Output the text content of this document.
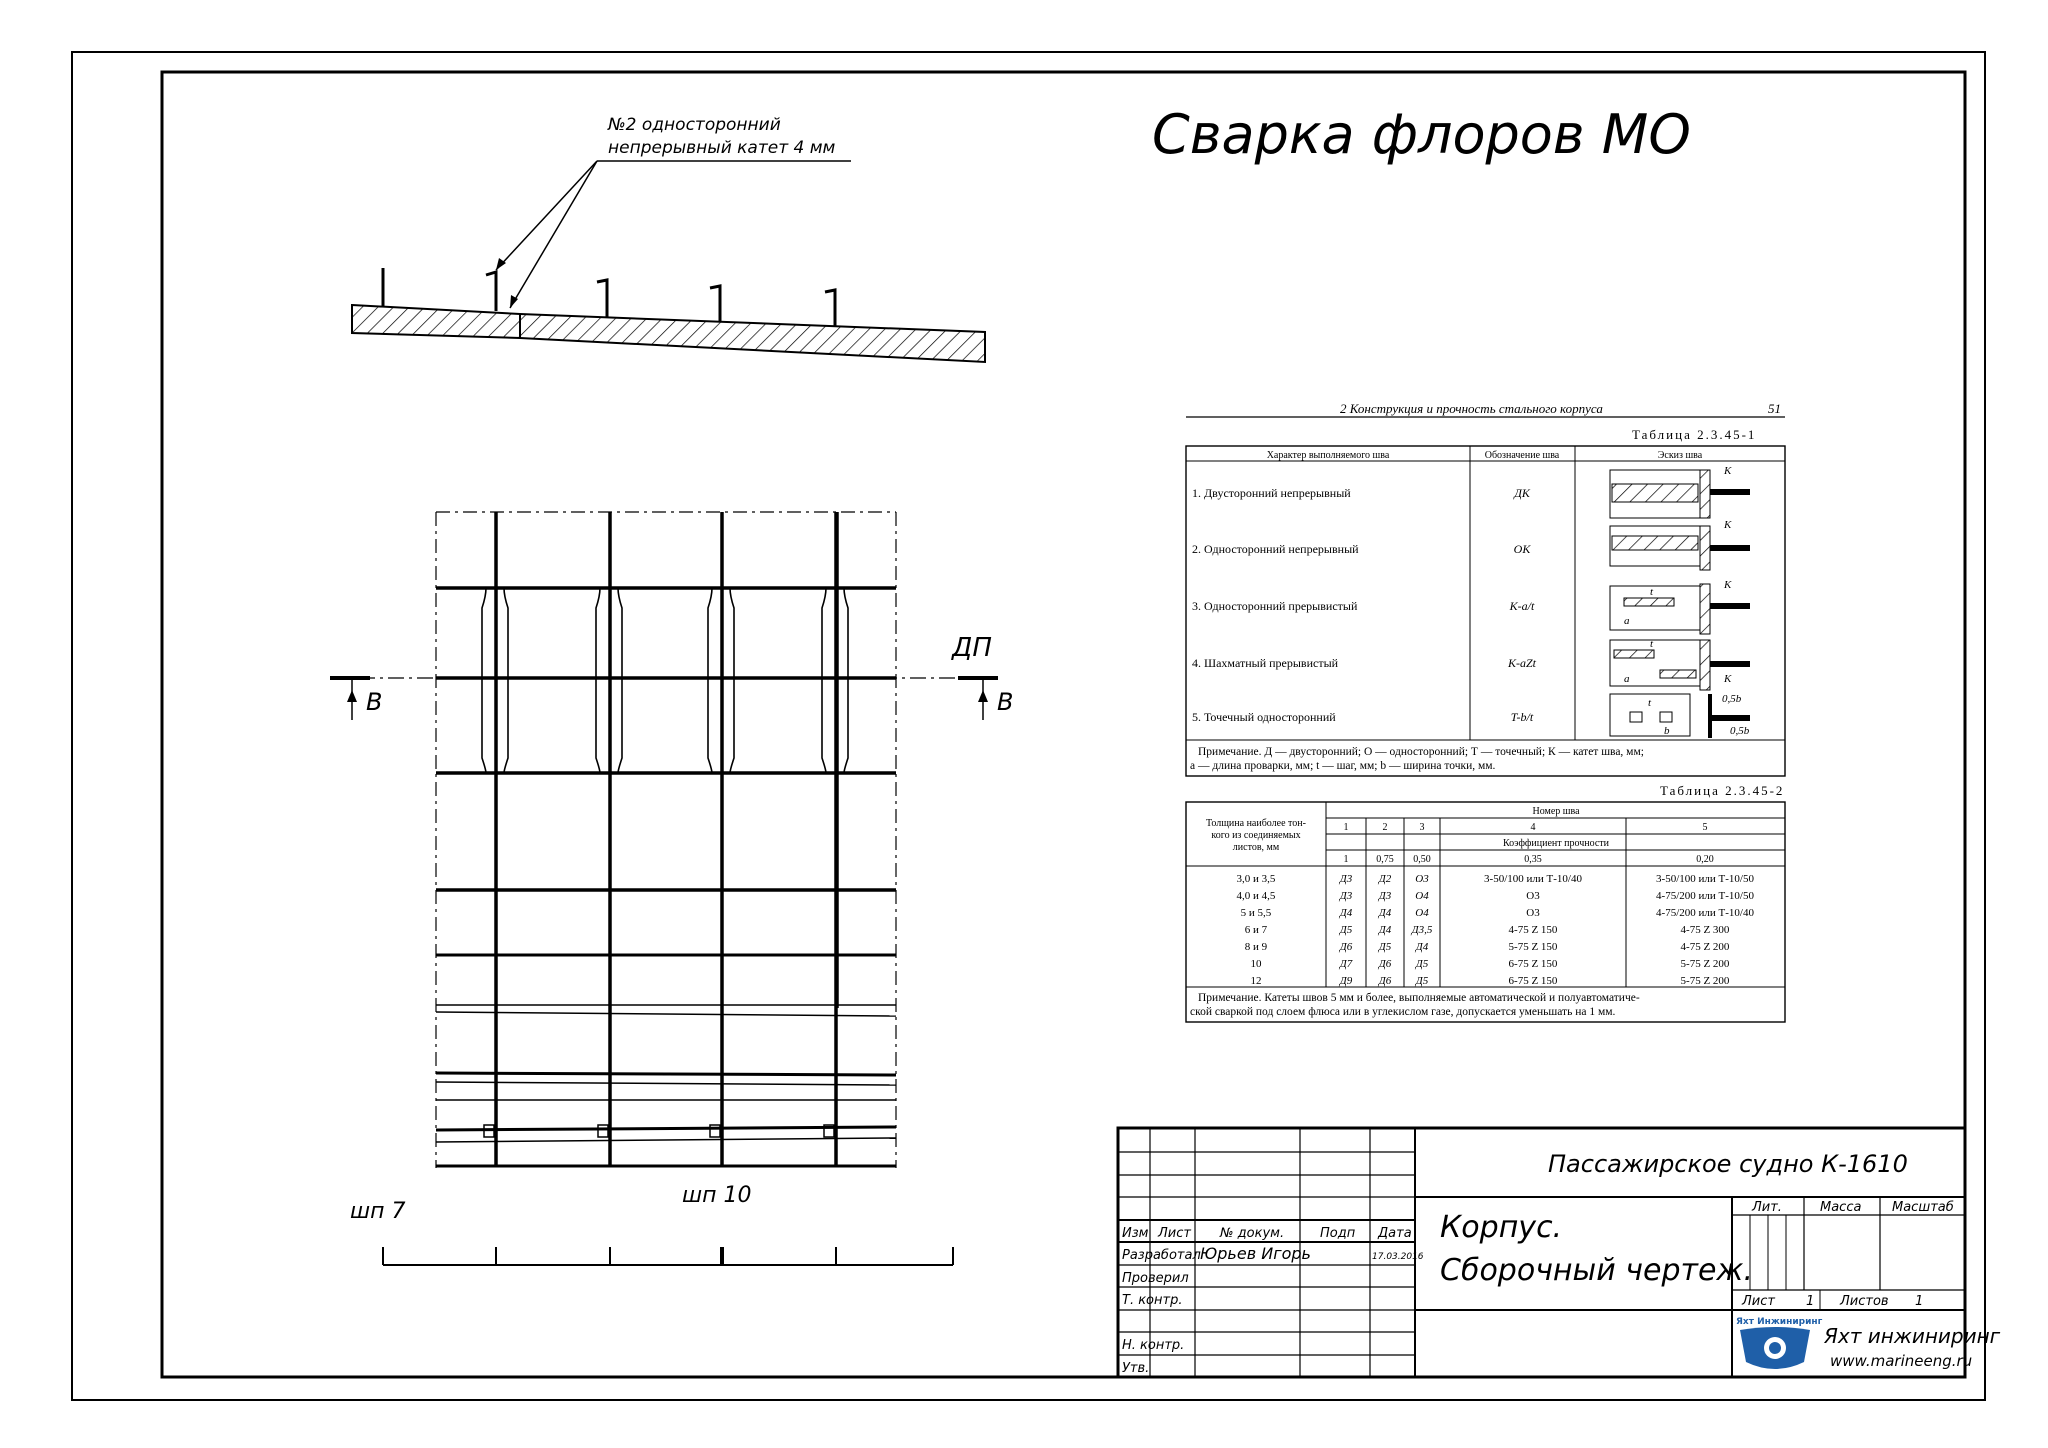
Сварка флоров МО
№2 односторонний
непрерывный катет 4 мм
В	В
ДП
шп 7
шп 10
2 Конструкция и прочность стального корпуса	51
Таблица 2.3.45-1
Характер выполняемого шва	Обозначение шва	Эскиз шва
1. Двусторонний непрерывный	ДК
2. Односторонний непрерывный	ОК
3. Односторонний прерывистый	K-a/t
4. Шахматный прерывистый	K-aZt
5. Точечный односторонний	T-b/t
K
K
K
t
a
t
a	K
t
b
0,5b
0,5b
Примечание. Д — двусторонний; О — односторонний; Т — точечный; К — катет шва, мм;
a — длина проварки, мм; t — шаг, мм; b — ширина точки, мм.
Таблица 2.3.45-2
Толщина наиболее тон-
кого из соединяемых
листов, мм
Номер шва
1	2	3	4	5
Коэффициент прочности
1	0,75 0,50	0,35	0,20
3,0 и 3,5	Д3 Д2 О3	3-50/100 или Т-10/40	3-50/100 или Т-10/50
4,0 и 4,5	Д3 Д3 О4	О3	4-75/200 или Т-10/50
5 и 5,5	Д4 Д4 О4	О3	4-75/200 или Т-10/40
6 и 7	Д5 Д4 Д3,5	4-75 Z 150	4-75 Z 300
8 и 9	Д6 Д5 Д4	5-75 Z 150	4-75 Z 200
10	Д7 Д6 Д5	6-75 Z 150	5-75 Z 200
12	Д9 Д6 Д5	6-75 Z 150	5-75 Z 200
Примечание. Катеты швов 5 мм и более, выполняемые автоматической и полуавтоматиче-
ской сваркой под слоем флюса или в углекислом газе, допускается уменьшать на 1 мм.
Изм Лист № докум.	Подп Дата
Разработал Юрьев Игорь	17.03.2016
Проверил
Т. контр.
Н. контр.
Утв.
Лит.	Масса Масштаб
Лист 1 Листов 1
Пассажирское судно К-1610
Корпус.
Сборочный чертеж.
Яхт Инжиниринг
Яхт инжиниринг
www.marineeng.ru
